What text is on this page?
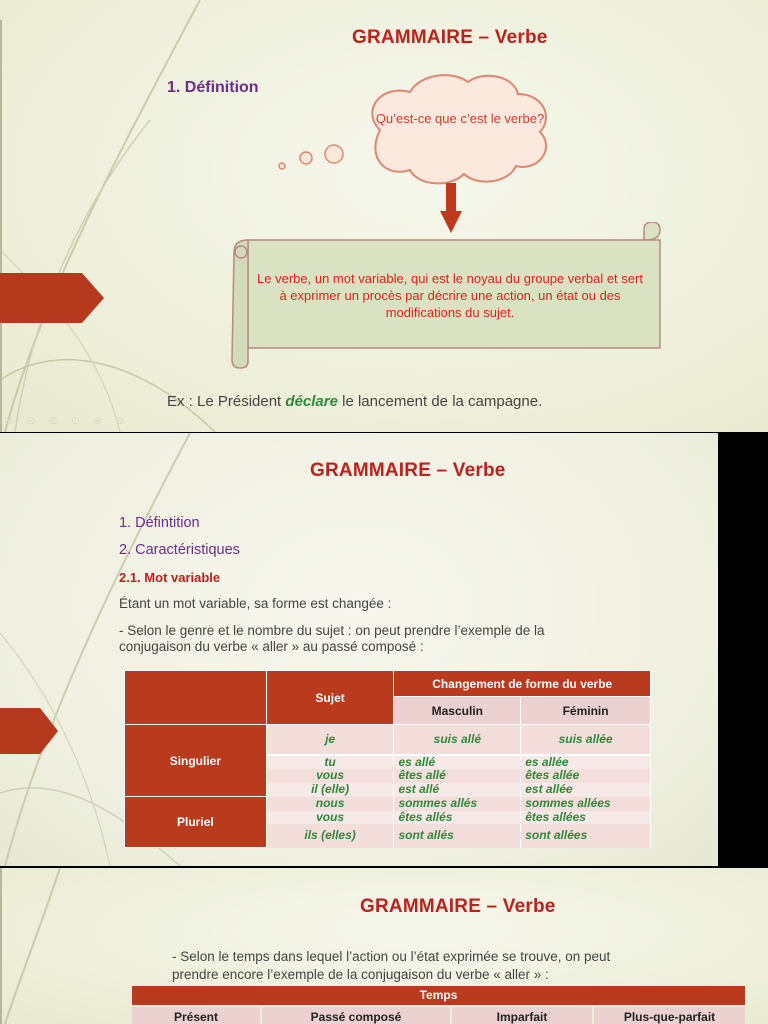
GRAMMAIRE – Verbe
1. Définition
Qu’est-ce que c’est le verbe?
Le verbe, un mot variable, qui est le noyau du groupe verbal et sert à exprimer un procès par décrire une action, un état ou des modifications du sujet.
Ex : Le Président déclare le lancement de la campagne.
⊙ ⊙ ⊘ ⊙ ⊛ ⊖
GRAMMAIRE – Verbe
1. Défintition
2. Caractéristiques
2.1. Mot variable
Étant un mot variable, sa forme est changée :
- Selon le genre et le nombre du sujet : on peut prendre l’exemple de la
conjugaison du verbe « aller » au passé composé :
	Sujet	Changement de forme du verbe	
		Masculin	Féminin
Singulier	je	suis allé	suis allée
	tu	es allé	es allée
	vous	êtes allé	êtes allée
	il (elle)	est allé	est allée
Pluriel	nous	sommes allés	sommes allées
	vous	êtes allés	êtes allées
	ils (elles)	sont allés	sont allées
GRAMMAIRE – Verbe
- Selon le temps dans lequel l’action ou l’état exprimée se trouve, on peut prendre encore l’exemple de la conjugaison du verbe « aller » :
Temps
Présent	Passé composé	Imparfait	Plus-que-parfait
